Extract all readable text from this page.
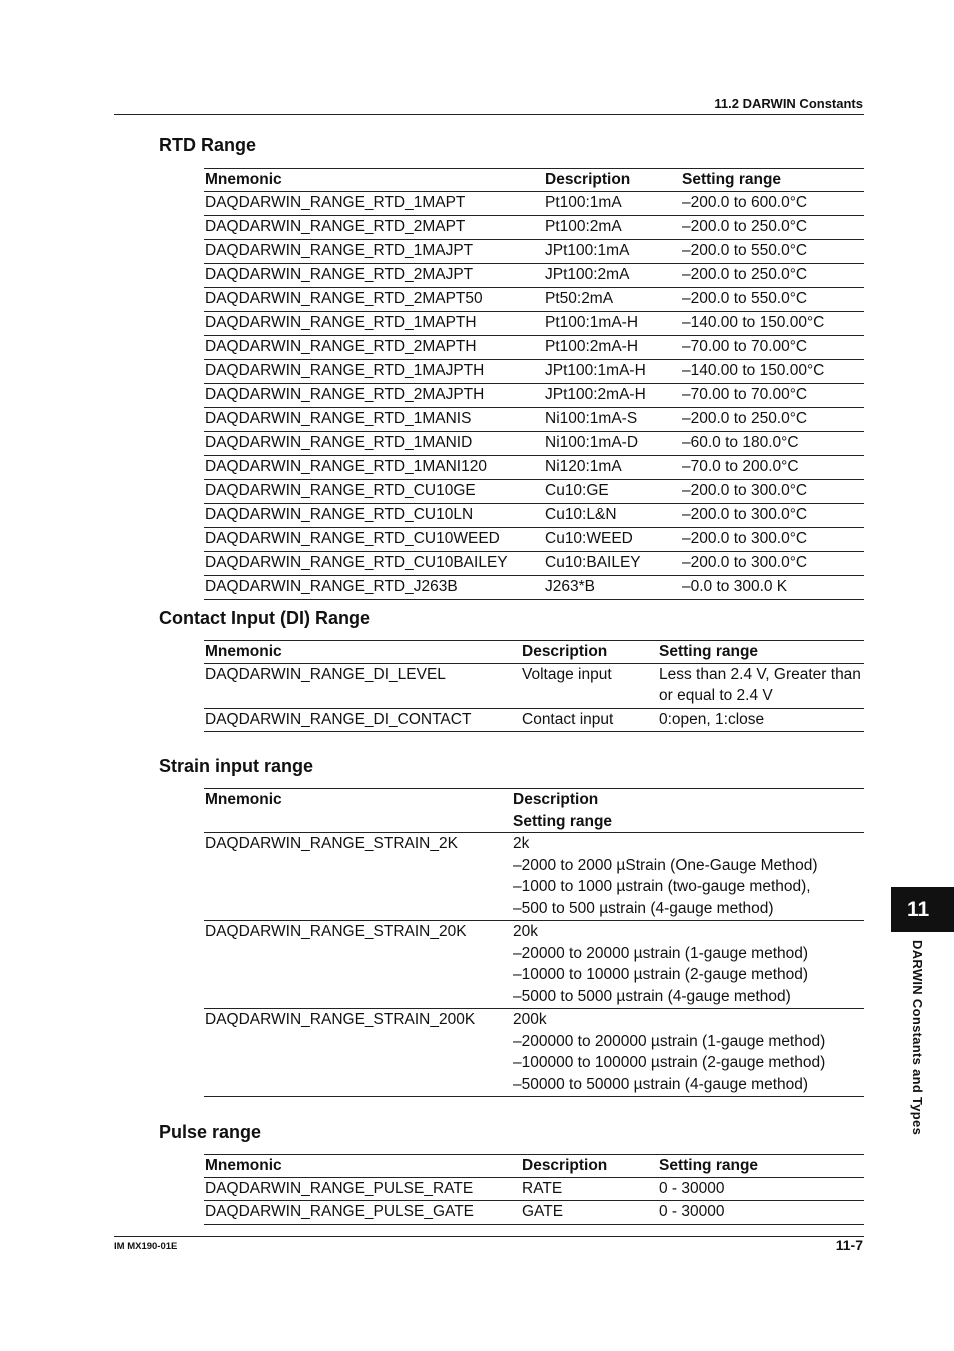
11.2 DARWIN Constants
RTD Range
Mnemonic	Description	Setting range
DAQDARWIN_RANGE_RTD_1MAPT	Pt100:1mA	–200.0 to 600.0°C
DAQDARWIN_RANGE_RTD_2MAPT	Pt100:2mA	–200.0 to 250.0°C
DAQDARWIN_RANGE_RTD_1MAJPT	JPt100:1mA	–200.0 to 550.0°C
DAQDARWIN_RANGE_RTD_2MAJPT	JPt100:2mA	–200.0 to 250.0°C
DAQDARWIN_RANGE_RTD_2MAPT50	Pt50:2mA	–200.0 to 550.0°C
DAQDARWIN_RANGE_RTD_1MAPTH	Pt100:1mA-H	–140.00 to 150.00°C
DAQDARWIN_RANGE_RTD_2MAPTH	Pt100:2mA-H	–70.00 to 70.00°C
DAQDARWIN_RANGE_RTD_1MAJPTH	JPt100:1mA-H	–140.00 to 150.00°C
DAQDARWIN_RANGE_RTD_2MAJPTH	JPt100:2mA-H	–70.00 to 70.00°C
DAQDARWIN_RANGE_RTD_1MANIS	Ni100:1mA-S	–200.0 to 250.0°C
DAQDARWIN_RANGE_RTD_1MANID	Ni100:1mA-D	–60.0 to 180.0°C
DAQDARWIN_RANGE_RTD_1MANI120	Ni120:1mA	–70.0 to 200.0°C
DAQDARWIN_RANGE_RTD_CU10GE	Cu10:GE	–200.0 to 300.0°C
DAQDARWIN_RANGE_RTD_CU10LN	Cu10:L&N	–200.0 to 300.0°C
DAQDARWIN_RANGE_RTD_CU10WEED	Cu10:WEED	–200.0 to 300.0°C
DAQDARWIN_RANGE_RTD_CU10BAILEY	Cu10:BAILEY	–200.0 to 300.0°C
DAQDARWIN_RANGE_RTD_J263B	J263*B	–0.0 to 300.0 K
Contact Input (DI) Range
Mnemonic	Description	Setting range
DAQDARWIN_RANGE_DI_LEVEL	Voltage input	Less than 2.4 V, Greater than or equal to 2.4 V
DAQDARWIN_RANGE_DI_CONTACT	Contact input	0:open, 1:close
Strain input range
Mnemonic	Description
Setting range

DAQDARWIN_RANGE_STRAIN_2K	2k
–2000 to 2000 µStrain (One-Gauge Method)
–1000 to 1000 µstrain (two-gauge method),
–500 to 500 µstrain (4-gauge method)

DAQDARWIN_RANGE_STRAIN_20K	20k
–20000 to 20000 µstrain (1-gauge method)
–10000 to 10000 µstrain (2-gauge method)
–5000 to 5000 µstrain (4-gauge method)

DAQDARWIN_RANGE_STRAIN_200K	200k
–200000 to 200000 µstrain (1-gauge method)
–100000 to 100000 µstrain (2-gauge method)
–50000 to 50000 µstrain (4-gauge method)
Pulse range
Mnemonic	Description	Setting range
DAQDARWIN_RANGE_PULSE_RATE	RATE	0 - 30000
DAQDARWIN_RANGE_PULSE_GATE	GATE	0 - 30000
11
DARWIN Constants and Types
IM MX190-01E	11-7
